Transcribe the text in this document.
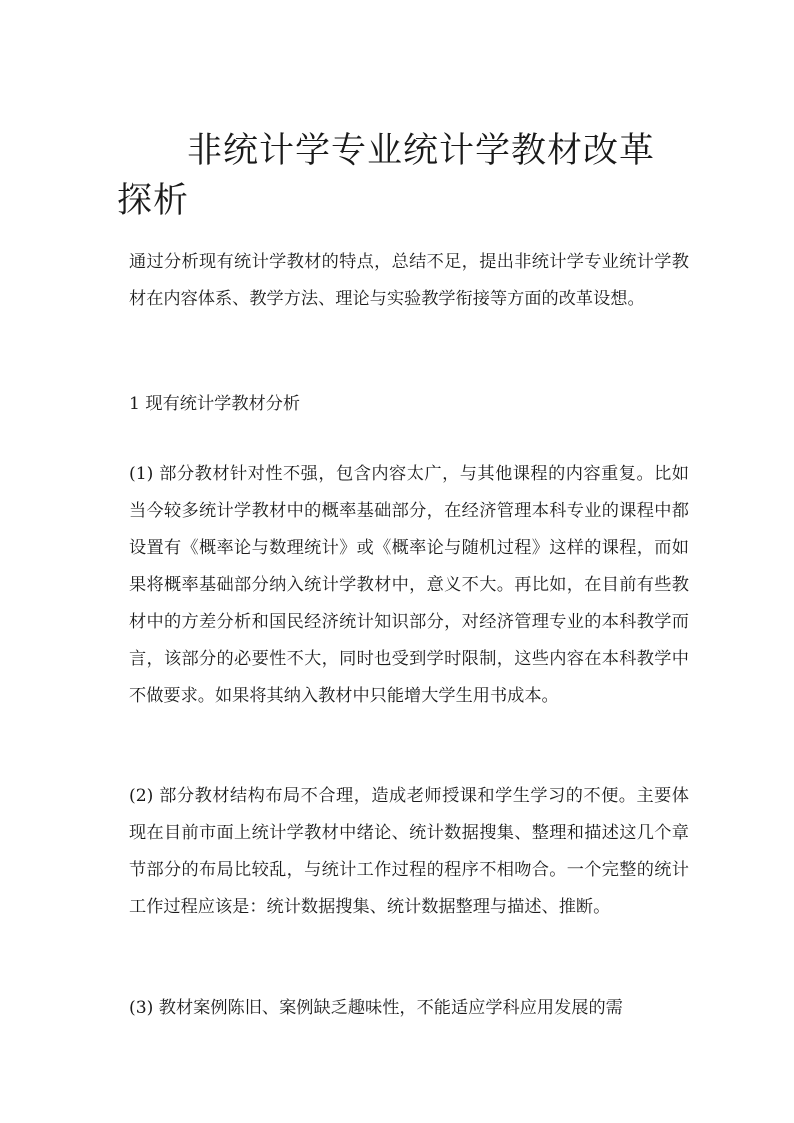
非统计学专业统计学教材改革探析

通过分析现有统计学教材的特点，总结不足，提出非统计学专业统计学教材在内容体系、教学方法、理论与实验教学衔接等方面的改革设想。

1 现有统计学教材分析

(1) 部分教材针对性不强，包含内容太广，与其他课程的内容重复。比如当今较多统计学教材中的概率基础部分，在经济管理本科专业的课程中都设置有《概率论与数理统计》或《概率论与随机过程》这样的课程，而如果将概率基础部分纳入统计学教材中，意义不大。再比如，在目前有些教材中的方差分析和国民经济统计知识部分，对经济管理专业的本科教学而言，该部分的必要性不大，同时也受到学时限制，这些内容在本科教学中不做要求。如果将其纳入教材中只能增大学生用书成本。

(2) 部分教材结构布局不合理，造成老师授课和学生学习的不便。主要体现在目前市面上统计学教材中绪论、统计数据搜集、整理和描述这几个章节部分的布局比较乱，与统计工作过程的程序不相吻合。一个完整的统计工作过程应该是：统计数据搜集、统计数据整理与描述、推断。

(3) 教材案例陈旧、案例缺乏趣味性，不能适应学科应用发展的需
